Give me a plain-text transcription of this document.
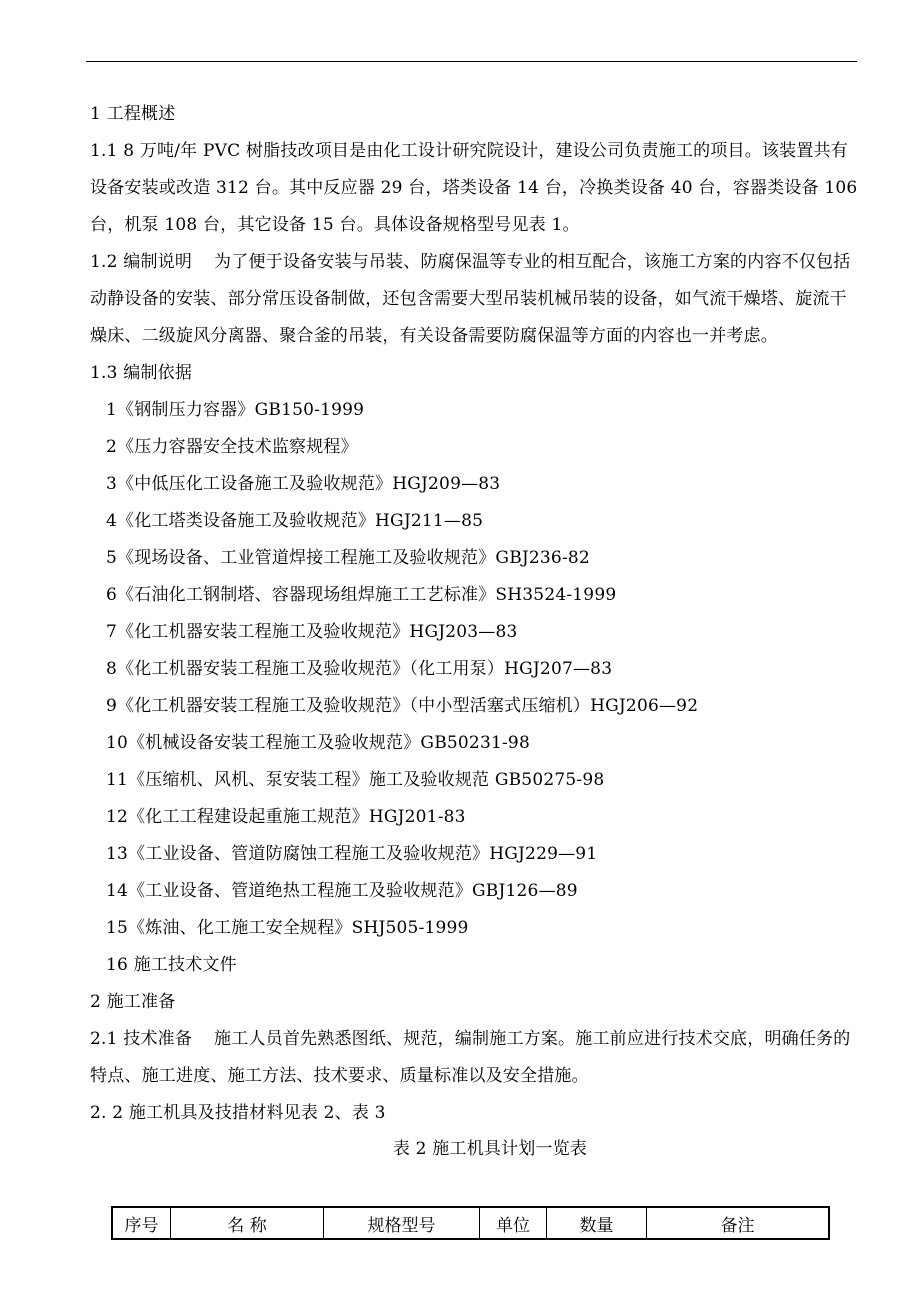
1 工程概述

1.1 8 万吨/年 PVC 树脂技改项目是由化工设计研究院设计，建设公司负责施工的项目。该装置共有设备安装或改造 312 台。其中反应器 29 台，塔类设备 14 台，冷换类设备 40 台，容器类设备 106 台，机泵 108 台，其它设备 15 台。具体设备规格型号见表 1。

1.2 编制说明 为了便于设备安装与吊装、防腐保温等专业的相互配合，该施工方案的内容不仅包括动静设备的安装、部分常压设备制做，还包含需要大型吊装机械吊装的设备，如气流干燥塔、旋流干燥床、二级旋风分离器、聚合釜的吊装，有关设备需要防腐保温等方面的内容也一并考虑。

1.3 编制依据

1《钢制压力容器》GB150-1999
2《压力容器安全技术监察规程》
3《中低压化工设备施工及验收规范》HGJ209—83
4《化工塔类设备施工及验收规范》HGJ211—85
5《现场设备、工业管道焊接工程施工及验收规范》GBJ236-82
6《石油化工钢制塔、容器现场组焊施工工艺标准》SH3524-1999
7《化工机器安装工程施工及验收规范》HGJ203—83
8《化工机器安装工程施工及验收规范》（化工用泵）HGJ207—83
9《化工机器安装工程施工及验收规范》（中小型活塞式压缩机）HGJ206—92
10《机械设备安装工程施工及验收规范》GB50231-98
11《压缩机、风机、泵安装工程》施工及验收规范 GB50275-98
12《化工工程建设起重施工规范》HGJ201-83
13《工业设备、管道防腐蚀工程施工及验收规范》HGJ229—91
14《工业设备、管道绝热工程施工及验收规范》GBJ126—89
15《炼油、化工施工安全规程》SHJ505-1999
16 施工技术文件

2 施工准备

2.1 技术准备 施工人员首先熟悉图纸、规范，编制施工方案。施工前应进行技术交底，明确任务的特点、施工进度、施工方法、技术要求、质量标准以及安全措施。

2. 2 施工机具及技措材料见表 2、表 3

表 2 施工机具计划一览表

序号	名 称	规格型号	单位	数量	备注
